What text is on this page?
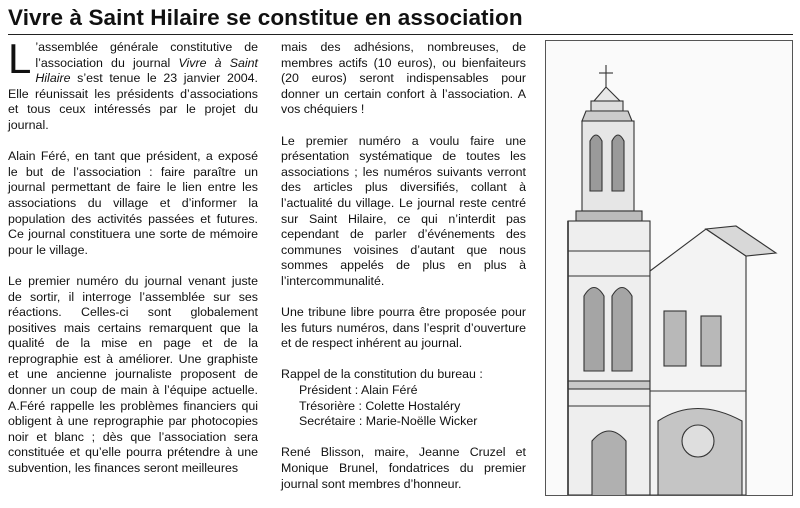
Vivre à Saint Hilaire se constitue en association

L ’assemblée générale constitutive de l’association du journal Vivre à Saint Hilaire s’est tenue le 23 janvier 2004. Elle réunissait les présidents d’associations et tous ceux intéressés par le projet du journal.

Alain Féré, en tant que président, a exposé le but de l’association : faire paraître un journal permettant de faire le lien entre les associations du village et d’informer la population des activités passées et futures. Ce journal constituera une sorte de mémoire pour le village.

Le premier numéro du journal venant juste de sortir, il interroge l’assemblée sur ses réactions. Celles-ci sont globalement positives mais certains remarquent que la qualité de la mise en page et de la reprographie est à améliorer. Une graphiste et une ancienne journaliste proposent de donner un coup de main à l’équipe actuelle. A.Féré rappelle les problèmes financiers qui obligent à une reprographie par photocopies noir et blanc ; dès que l’association sera constituée et qu’elle pourra prétendre à une subvention, les finances seront meilleures

mais des adhésions, nombreuses, de membres actifs (10 euros), ou bienfaiteurs (20 euros) seront indispensables pour donner un certain confort à l’association. A vos chéquiers !

Le premier numéro a voulu faire une présentation systématique de toutes les associations ; les numéros suivants verront des articles plus diversifiés, collant à l’actualité du village. Le journal reste centré sur Saint Hilaire, ce qui n’interdit pas cependant de parler d’événements des communes voisines d’autant que nous sommes appelés de plus en plus à l’intercommunalité.

Une tribune libre pourra être proposée pour les futurs numéros, dans l’esprit d’ouverture et de respect inhérent au journal.

Rappel de la constitution du bureau :
Président : Alain Féré
Trésorière : Colette Hostaléry
Secrétaire : Marie-Noëlle Wicker

René Blisson, maire, Jeanne Cruzel et Monique Brunel, fondatrices du premier journal sont membres d’honneur.
